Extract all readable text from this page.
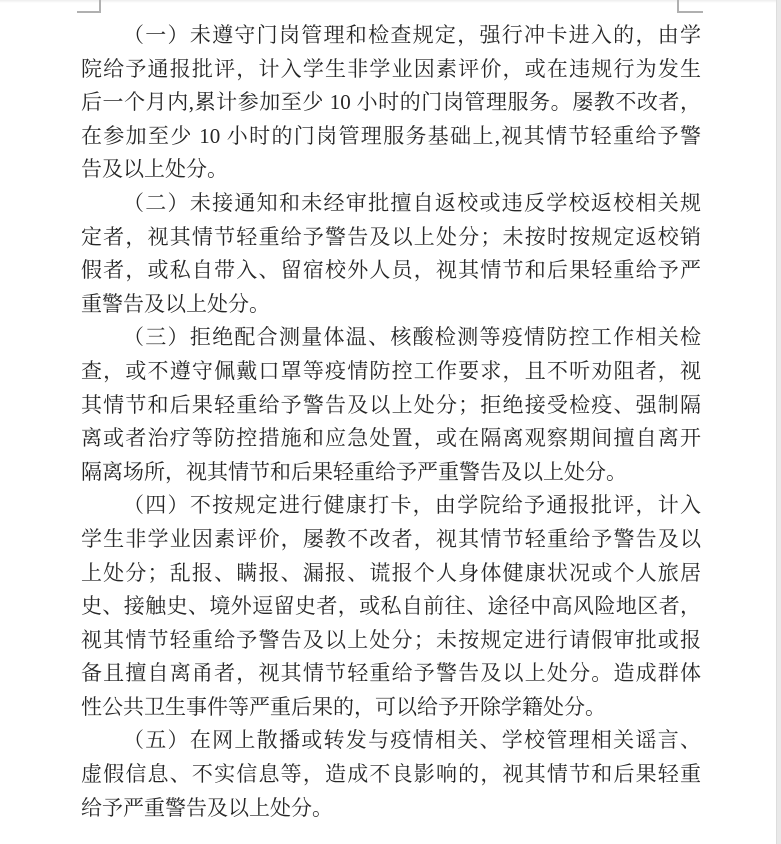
（一）未遵守门岗管理和检查规定，强行冲卡进入的，由学
院给予通报批评，计入学生非学业因素评价，或在违规行为发生
后一个月内,累计参加至少 10 小时的门岗管理服务。屡教不改者，
在参加至少 10 小时的门岗管理服务基础上,视其情节轻重给予警
告及以上处分。
（二）未接通知和未经审批擅自返校或违反学校返校相关规
定者，视其情节轻重给予警告及以上处分；未按时按规定返校销
假者，或私自带入、留宿校外人员，视其情节和后果轻重给予严
重警告及以上处分。
（三）拒绝配合测量体温、核酸检测等疫情防控工作相关检
查，或不遵守佩戴口罩等疫情防控工作要求，且不听劝阻者，视
其情节和后果轻重给予警告及以上处分；拒绝接受检疫、强制隔
离或者治疗等防控措施和应急处置，或在隔离观察期间擅自离开
隔离场所，视其情节和后果轻重给予严重警告及以上处分。
（四）不按规定进行健康打卡，由学院给予通报批评，计入
学生非学业因素评价，屡教不改者，视其情节轻重给予警告及以
上处分；乱报、瞒报、漏报、谎报个人身体健康状况或个人旅居
史、接触史、境外逗留史者，或私自前往、途径中高风险地区者，
视其情节轻重给予警告及以上处分；未按规定进行请假审批或报
备且擅自离甬者，视其情节轻重给予警告及以上处分。造成群体
性公共卫生事件等严重后果的，可以给予开除学籍处分。
（五）在网上散播或转发与疫情相关、学校管理相关谣言、
虚假信息、不实信息等，造成不良影响的，视其情节和后果轻重
给予严重警告及以上处分。
